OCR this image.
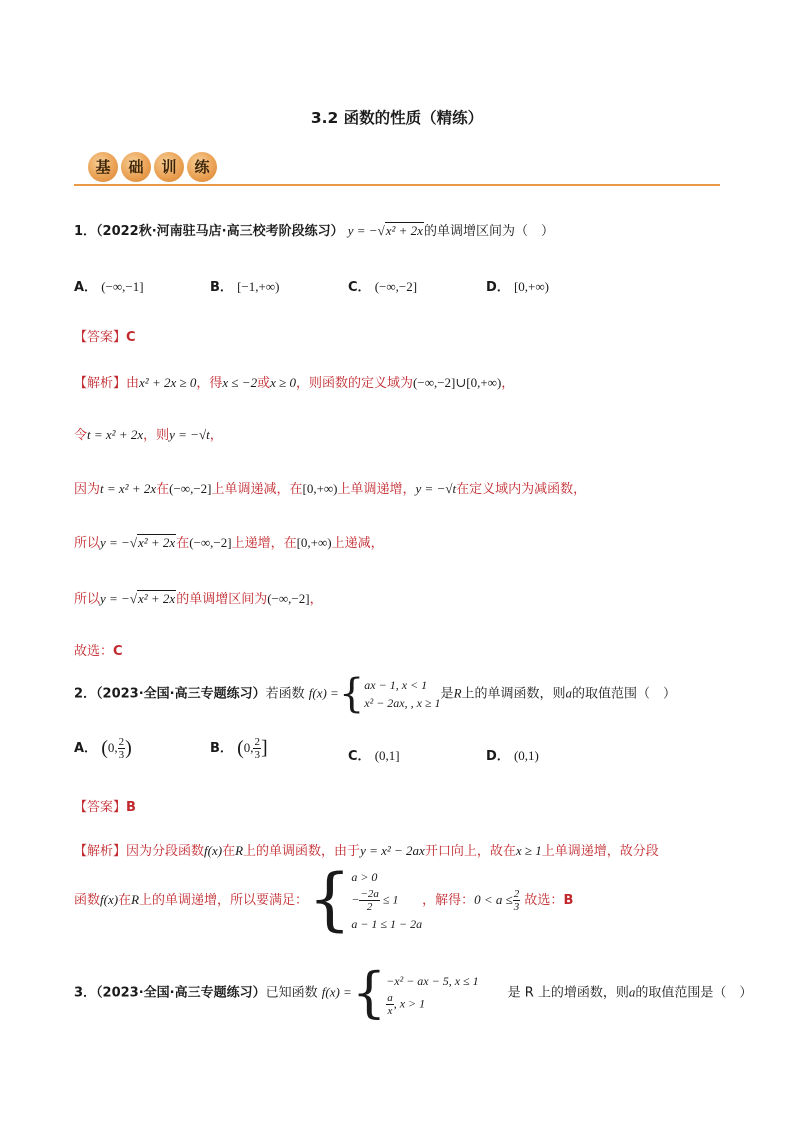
3.2 函数的性质（精练）
基	础	训	练
1．（2022秋·河南驻马店·高三校考阶段练习） y = −√x² + 2x的单调增区间为（　）
A． (−∞,−1]	B． [−1,+∞)	C． (−∞,−2]	D． [0,+∞)
【答案】C
【解析】由x² + 2x ≥ 0，得x ≤ −2或x ≥ 0，则函数的定义域为(−∞,−2]∪[0,+∞)，
令t = x² + 2x，则y = −√t，
因为t = x² + 2x在(−∞,−2]上单调递减，在[0,+∞)上单调递增，y = −√t在定义域内为减函数，
所以y = −√x² + 2x在(−∞,−2]上递增，在[0,+∞)上递减，
所以y = −√x² + 2x的单调增区间为(−∞,−2]，
故选：C
2．（2023·全国·高三专题练习）若函数 f(x) ={ ax − 1, x < 1
x² − 2ax, , x ≥ 1
是R上的单调函数，则a的取值范围（　）
A． (0, $\frac{2}{3}$ )	B． (0, $\frac{2}{3}$ ]	C． (0,1]	D． (0,1)
【答案】B
【解析】因为分段函数f(x)在R上的单调函数，由于y = x² − 2ax开口向上，故在x ≥ 1上单调递增，故分段
函数f(x)在R上的单调递增，所以要满足：{ a > 0
− $\frac{-2a}{2} \le 1$
a − 1 ≤ 1 − 2a
，解得：$0 < a \le \frac{2}{3}$ 故选：B
3．（2023·全国·高三专题练习）已知函数 f(x) ={ −x² − ax − 5, x ≤ 1
$\frac{a}{x}$ , x > 1
是 R 上的增函数，则a的取值范围是（　）
